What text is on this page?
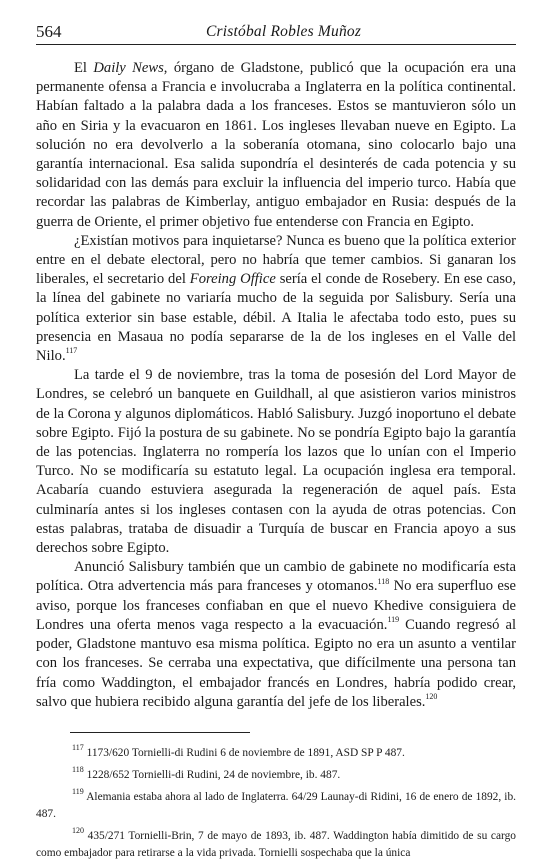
564	Cristóbal Robles Muñoz

El Daily News, órgano de Gladstone, publicó que la ocupación era una permanente ofensa a Francia e involucraba a Inglaterra en la política continental. Habían faltado a la palabra dada a los franceses. Estos se mantuvieron sólo un año en Siria y la evacuaron en 1861. Los ingleses llevaban nueve en Egipto. La solución no era devolverlo a la soberanía otomana, sino colocarlo bajo una garantía internacional. Esa salida supondría el desinterés de cada potencia y su solidaridad con las demás para excluir la influencia del imperio turco. Había que recordar las palabras de Kimberlay, antiguo embajador en Rusia: después de la guerra de Oriente, el primer objetivo fue entenderse con Francia en Egipto.

¿Existían motivos para inquietarse? Nunca es bueno que la política exterior entre en el debate electoral, pero no habría que temer cambios. Si ganaran los liberales, el secretario del Foreing Office sería el conde de Rosebery. En ese caso, la línea del gabinete no variaría mucho de la seguida por Salisbury. Sería una política exterior sin base estable, débil. A Italia le afectaba todo esto, pues su presencia en Masaua no podía separarse de la de los ingleses en el Valle del Nilo.$^{117}$

La tarde el 9 de noviembre, tras la toma de posesión del Lord Mayor de Londres, se celebró un banquete en Guildhall, al que asistieron varios ministros de la Corona y algunos diplomáticos. Habló Salisbury. Juzgó inoportuno el debate sobre Egipto. Fijó la postura de su gabinete. No se pondría Egipto bajo la garantía de las potencias. Inglaterra no rompería los lazos que lo unían con el Imperio Turco. No se modificaría su estatuto legal. La ocupación inglesa era temporal. Acabaría cuando estuviera asegurada la regeneración de aquel país. Esta culminaría antes si los ingleses contasen con la ayuda de otras potencias. Con estas palabras, trataba de disuadir a Turquía de buscar en Francia apoyo a sus derechos sobre Egipto.

Anunció Salisbury también que un cambio de gabinete no modificaría esta política. Otra advertencia más para franceses y otomanos.$^{118}$ No era superfluo ese aviso, porque los franceses confiaban en que el nuevo Khedive consiguiera de Londres una oferta menos vaga respecto a la evacuación.$^{119}$ Cuando regresó al poder, Gladstone mantuvo esa misma política. Egipto no era un asunto a ventilar con los franceses. Se cerraba una expectativa, que difícilmente una persona tan fría como Waddington, el embajador francés en Londres, habría podido crear, salvo que hubiera recibido alguna garantía del jefe de los liberales.$^{120}$

$^{117}$ 1173/620 Tornielli-di Rudini 6 de noviembre de 1891, ASD SP P 487.

$^{118}$ 1228/652 Tornielli-di Rudini, 24 de noviembre, ib. 487.

$^{119}$ Alemania estaba ahora al lado de Inglaterra. 64/29 Launay-di Ridini, 16 de enero de 1892, ib. 487.

$^{120}$ 435/271 Tornielli-Brin, 7 de mayo de 1893, ib. 487. Waddington había dimitido de su cargo como embajador para retirarse a la vida privada. Tornielli sospechaba que la única
